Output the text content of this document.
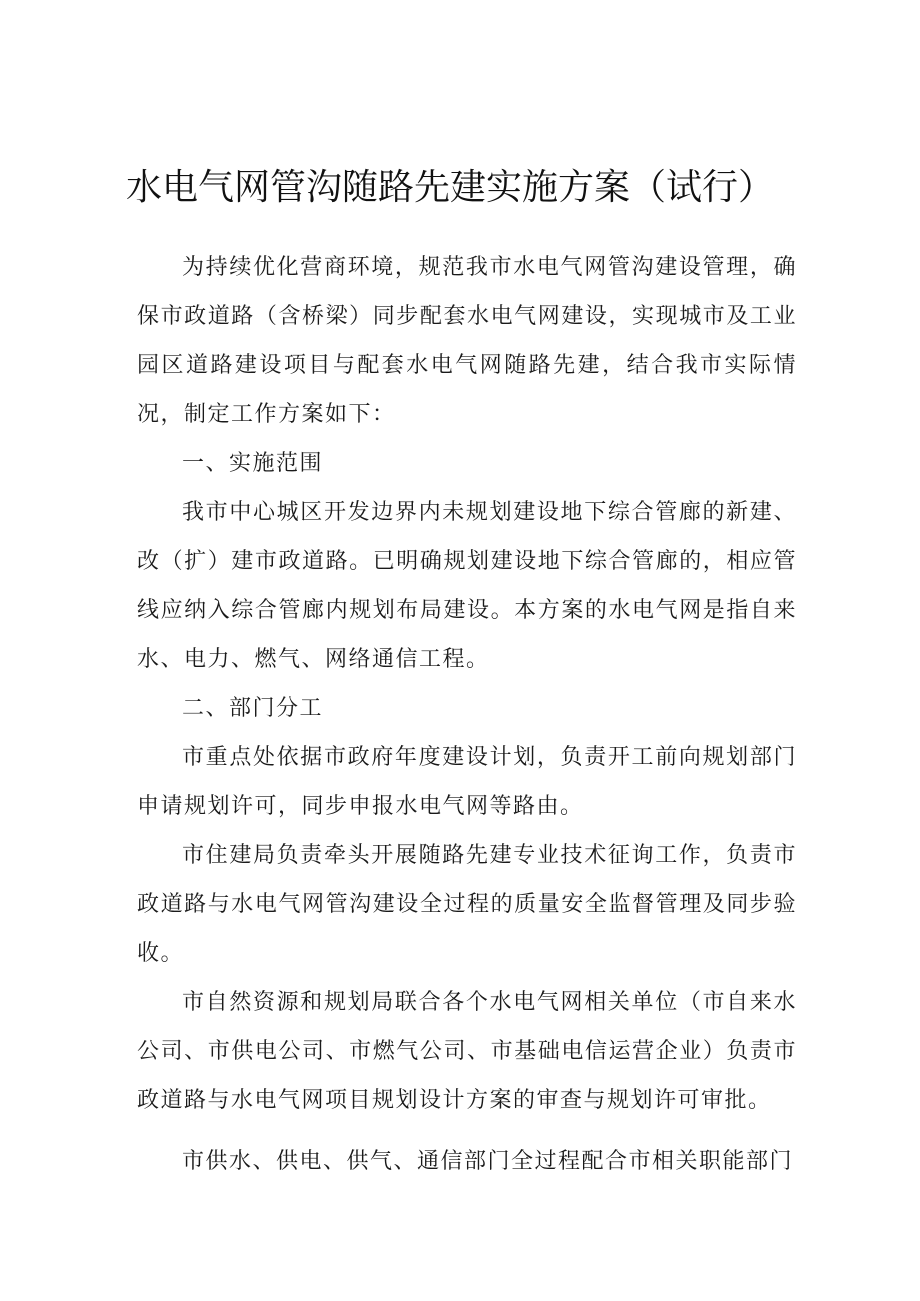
水电气网管沟随路先建实施方案（试行）

为持续优化营商环境，规范我市水电气网管沟建设管理，确保市政道路（含桥梁）同步配套水电气网建设，实现城市及工业园区道路建设项目与配套水电气网随路先建，结合我市实际情况，制定工作方案如下：

一、实施范围

我市中心城区开发边界内未规划建设地下综合管廊的新建、改（扩）建市政道路。已明确规划建设地下综合管廊的，相应管线应纳入综合管廊内规划布局建设。本方案的水电气网是指自来水、电力、燃气、网络通信工程。

二、部门分工

市重点处依据市政府年度建设计划，负责开工前向规划部门申请规划许可，同步申报水电气网等路由。

市住建局负责牵头开展随路先建专业技术征询工作，负责市政道路与水电气网管沟建设全过程的质量安全监督管理及同步验收。

市自然资源和规划局联合各个水电气网相关单位（市自来水公司、市供电公司、市燃气公司、市基础电信运营企业）负责市政道路与水电气网项目规划设计方案的审查与规划许可审批。

市供水、供电、供气、通信部门全过程配合市相关职能部门
